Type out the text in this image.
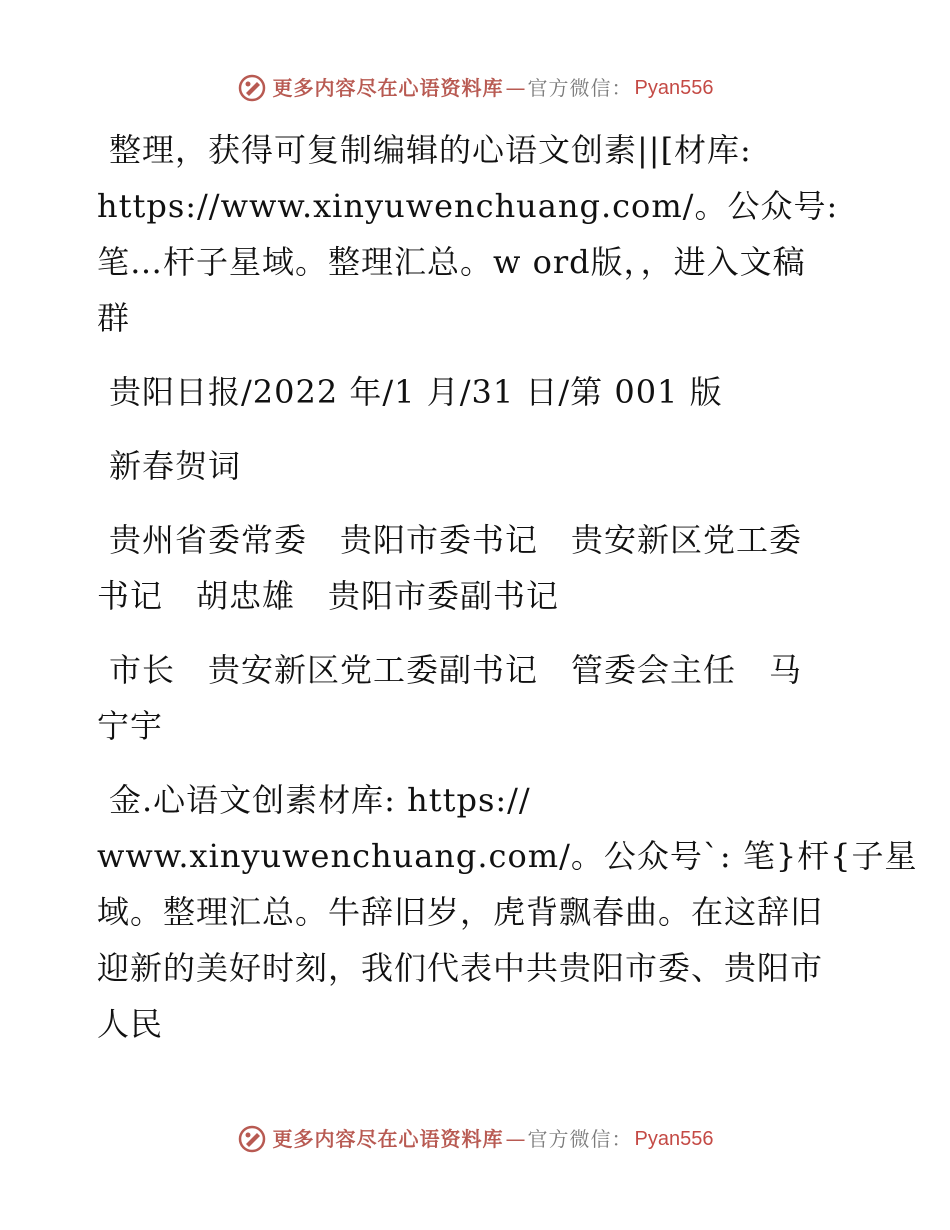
更多内容尽在心语资料库 — 官方微信： Pyan556

整理，获得可复制编辑的心语文创素||[材库:
https://www.xinyuwenchuang.com/。公众号:
笔…杆子星域。整理汇总。w ord版，，进入文稿
群

贵阳日报/2022 年/1 月/31 日/第 001 版

新春贺词

贵州省委常委　贵阳市委书记　贵安新区党工委
书记　胡忠雄　贵阳市委副书记

市长　贵安新区党工委副书记　管委会主任　马
宁宇

金.心语文创素材库: https://
www.xinyuwenchuang.com/。公众号`: 笔}杆{子星
域。整理汇总。牛辞旧岁，虎背飘春曲。在这辞旧
迎新的美好时刻，我们代表中共贵阳市委、贵阳市
人民

更多内容尽在心语资料库 — 官方微信： Pyan556
